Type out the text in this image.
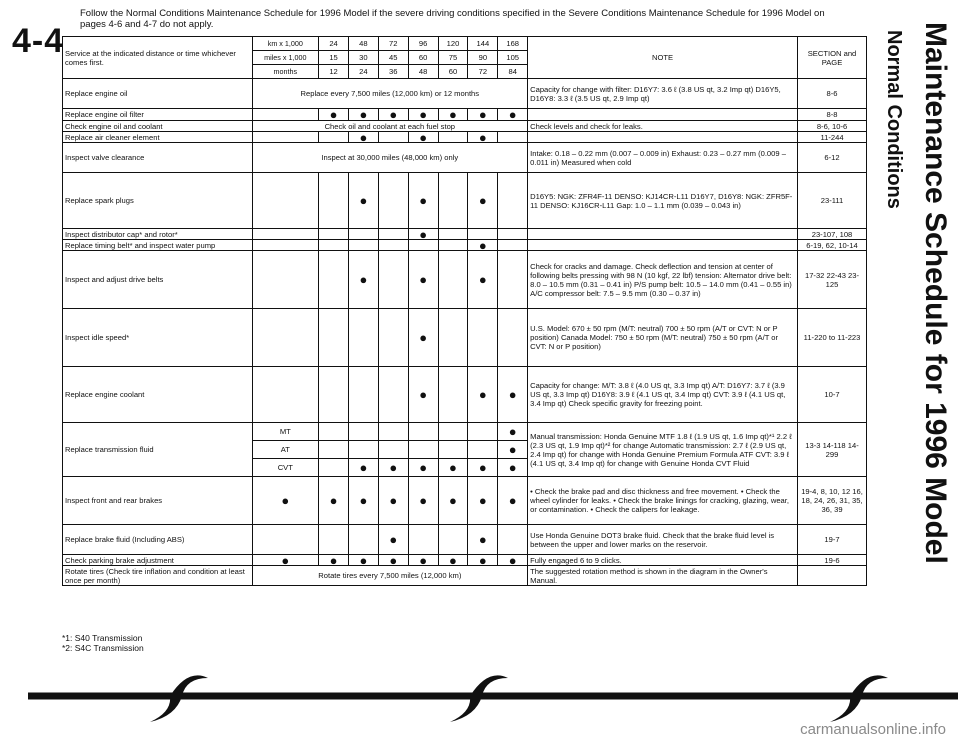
4-4
Follow the Normal Conditions Maintenance Schedule for 1996 Model if the severe driving conditions specified in the Severe Conditions Maintenance Schedule for 1996 Model on pages 4-6 and 4-7 do not apply.	Maintenance Schedule for 1996 Model
Normal Conditions
Service at the indicated distance or time whichever comes first.	km x 1,000	24	48	72	96	120	144	168	NOTE	SECTION and PAGE
	miles x 1,000	15	30	45	60	75	90	105		
	months	12	24	36	48	60	72	84		
Replace engine oil	Replace every 7,500 miles (12,000 km) or 12 months								Capacity for change with filter: D16Y7: 3.6 ℓ (3.8 US qt, 3.2 Imp qt) D16Y5, D16Y8: 3.3 ℓ (3.5 US qt, 2.9 Imp qt)	8-6
Replace engine oil filter		●	●	●	●	●	●	●		8-8
Check engine oil and coolant	Check oil and coolant at each fuel stop								Check levels and check for leaks.	8-6, 10-6
Replace air cleaner element			●		●		●			11-244
Inspect valve clearance	Inspect at 30,000 miles (48,000 km) only								Intake: 0.18 – 0.22 mm (0.007 – 0.009 in) Exhaust: 0.23 – 0.27 mm (0.009 – 0.011 in) Measured when cold	6-12
Replace spark plugs			●		●		●		D16Y5: NGK: ZFR4F-11 DENSO: KJ14CR-L11 D16Y7, D16Y8: NGK: ZFR5F-11 DENSO: KJ16CR-L11 Gap: 1.0 – 1.1 mm (0.039 – 0.043 in)	23-111
Inspect distributor cap* and rotor*					●					23-107, 108
Replace timing belt* and inspect water pump							●			6-19, 62, 10-14
Inspect and adjust drive belts			●		●		●		Check for cracks and damage. Check deflection and tension at center of following belts pressing with 98 N (10 kgf, 22 lbf) tension: Alternator drive belt: 8.0 – 10.5 mm (0.31 – 0.41 in) P/S pump belt: 10.5 – 14.0 mm (0.41 – 0.55 in) A/C compressor belt: 7.5 – 9.5 mm (0.30 – 0.37 in)	17-32 22-43 23-125
Inspect idle speed*					●				U.S. Model: 670 ± 50 rpm (M/T: neutral) 700 ± 50 rpm (A/T or CVT: N or P position) Canada Model: 750 ± 50 rpm (M/T: neutral) 750 ± 50 rpm (A/T or CVT: N or P position)	11-220 to 11-223
Replace engine coolant					●		●	●	Capacity for change: M/T: 3.8 ℓ (4.0 US qt, 3.3 Imp qt) A/T: D16Y7: 3.7 ℓ (3.9 US qt, 3.3 Imp qt) D16Y8: 3.9 ℓ (4.1 US qt, 3.4 Imp qt) CVT: 3.9 ℓ (4.1 US qt, 3.4 Imp qt) Check specific gravity for freezing point.	10-7
Replace transmission fluid	MT							●	Manual transmission: Honda Genuine MTF 1.8 ℓ (1.9 US qt, 1.6 Imp qt)*¹ 2.2 ℓ (2.3 US qt, 1.9 Imp qt)*² for change Automatic transmission: 2.7 ℓ (2.9 US qt, 2.4 Imp qt) for change with Honda Genuine Premium Formula ATF CVT: 3.9 ℓ (4.1 US qt, 3.4 Imp qt) for change with Genuine Honda CVT Fluid	13-3 14-118 14-299
	AT							●		
	CVT		●	●	●	●	●	●		
Inspect front and rear brakes	●	●	●	●	●	●	●	●	• Check the brake pad and disc thickness and free movement. • Check the wheel cylinder for leaks. • Check the brake linings for cracking, glazing, wear, or contamination. • Check the calipers for leakage.	19-4, 8, 10, 12 16, 18, 24, 26, 31, 35, 36, 39
Replace brake fluid (Including ABS)				●			●		Use Honda Genuine DOT3 brake fluid. Check that the brake fluid level is between the upper and lower marks on the reservoir.	19-7
Check parking brake adjustment	●	●	●	●	●	●	●	●	Fully engaged 6 to 9 clicks.	19-6
Rotate tires (Check tire inflation and condition at least once per month)	Rotate tires every 7,500 miles (12,000 km)								The suggested rotation method is shown in the diagram in the Owner's Manual.	
*1: S40 Transmission
*2: S4C Transmission
carmanualsonline.info
